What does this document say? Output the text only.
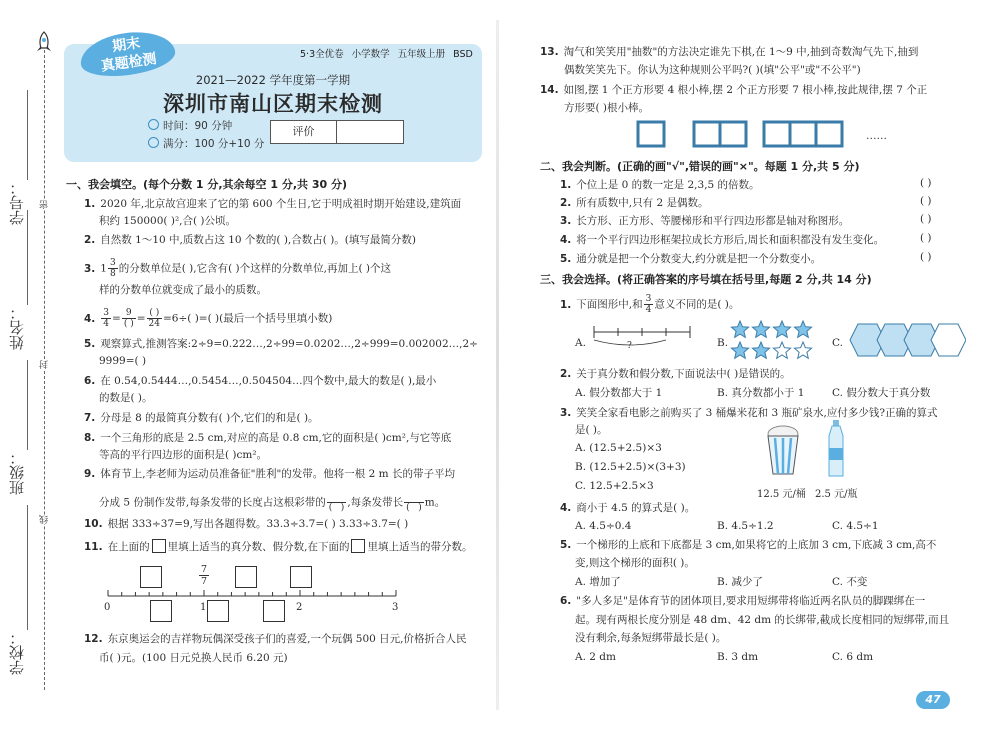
学号：
姓名：
班级：
学校：
密
封
线
期末
真题检测	5·3全优卷 小学数学 五年级上册 BSD
2021—2022 学年度第一学期
深圳市南山区期末检测
时间：90 分钟
满分：100 分+10 分
评价
一、我会填空。(每个分数 1 分,其余每空 1 分,共 30 分)
1. 2020 年,北京故宫迎来了它的第 600 个生日,它于明成祖时期开始建设,建筑面
积约 150000( )²,合( )公顷。
2. 自然数 1～10 中,质数占这 10 个数的( ),合数占( )。(填写最简分数)
3. $1 \frac{3}{8}$ 的分数单位是( ),它含有( )个这样的分数单位,再加上( )个这
样的分数单位就变成了最小的质数。
4. $\frac{3}{4} = \frac{9}{( )} = \frac{( )}{24} =6\div$( )=( )(最后一个括号里填小数)
5. 观察算式,推测答案:2÷9=0.222…,2÷99=0.0202…,2÷999=0.002002…,2÷
9999=( )
6. 在 0.54,0.5444…,0.5454…,0.504504…四个数中,最大的数是( ),最小
的数是( )。
7. 分母是 8 的最简真分数有( )个,它们的和是( )。
8. 一个三角形的底是 2.5 cm,对应的高是 0.8 cm,它的面积是( )cm²,与它等底
等高的平行四边形的面积是( )cm²。
9. 体育节上,李老师为运动员准备征"胜利"的发带。他将一根 2 m 长的带子平均
分成 5 份制作发带,每条发带的长度占这根彩带的
(   ) ,每条发带长
(   ) m。
10. 根据 333÷37=9,写出各题得数。33.3÷3.7=( ) 3.33÷3.7=( )
11. 在上面的 里填上适当的真分数、假分数,在下面的 里填上适当的带分数。
7
7
0	1	2	3
12. 东京奥运会的吉祥物玩偶深受孩子们的喜爱,一个玩偶 500 日元,价格折合人民
币( )元。(100 日元兑换人民币 6.20 元)
13. 淘气和笑笑用"抽数"的方法决定谁先下棋,在 1～9 中,抽到奇数淘气先下,抽到
偶数笑笑先下。你认为这种规则公平吗?( )(填"公平"或"不公平")
14. 如图,摆 1 个正方形要 4 根小棒,摆 2 个正方形要 7 根小棒,按此规律,摆 7 个正
方形要( )根小棒。
……
二、我会判断。(正确的画"√",错误的画"×"。每题 1 分,共 5 分)
1. 个位上是 0 的数一定是 2,3,5 的倍数。	( )
2. 所有质数中,只有 2 是偶数。	( )
3. 长方形、正方形、等腰梯形和平行四边形都是轴对称图形。	( )
4. 将一个平行四边形框架拉成长方形后,周长和面积都没有发生变化。	( )
5. 通分就是把一个分数变大,约分就是把一个分数变小。	( )
三、我会选择。(将正确答案的序号填在括号里,每题 2 分,共 14 分)
1. 下面图形中,和 $\frac{3}{4}$ 意义不同的是( )。
A.	?	B.	C.
2. 关于真分数和假分数,下面说法中( )是错误的。
A. 假分数都大于 1	B. 真分数都小于 1	C. 假分数大于真分数
3. 笑笑全家看电影之前购买了 3 桶爆米花和 3 瓶矿泉水,应付多少钱?正确的算式
是( )。
A. (12.5+2.5)×3
B. (12.5+2.5)×(3+3)
C. 12.5+2.5×3
12.5 元/桶 2.5 元/瓶
4. 商小于 4.5 的算式是( )。
A. 4.5÷0.4	B. 4.5÷1.2	C. 4.5÷1
5. 一个梯形的上底和下底都是 3 cm,如果将它的上底加 3 cm,下底减 3 cm,高不
变,则这个梯形的面积( )。
A. 增加了	B. 减少了	C. 不变
6. "多人多足"是体育节的团体项目,要求用短绑带将临近两名队员的脚踝绑在一
起。现有两根长度分别是 48 dm、42 dm 的长绑带,截成长度相同的短绑带,而且
没有剩余,每条短绑带最长是( )。
A. 2 dm	B. 3 dm	C. 6 dm
47
